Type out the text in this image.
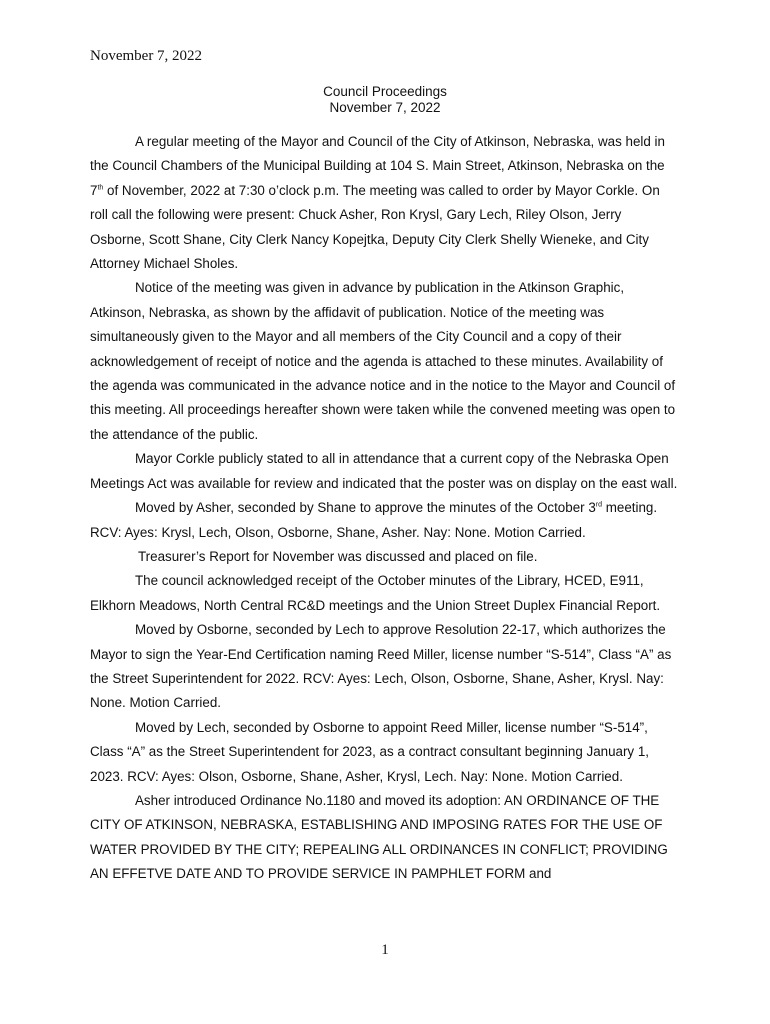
November 7, 2022
Council Proceedings
November 7, 2022

A regular meeting of the Mayor and Council of the City of Atkinson, Nebraska, was held in the Council Chambers of the Municipal Building at 104 S. Main Street, Atkinson, Nebraska on the 7th of November, 2022 at 7:30 o’clock p.m. The meeting was called to order by Mayor Corkle. On roll call the following were present: Chuck Asher, Ron Krysl, Gary Lech, Riley Olson, Jerry Osborne, Scott Shane, City Clerk Nancy Kopejtka, Deputy City Clerk Shelly Wieneke, and City Attorney Michael Sholes.

Notice of the meeting was given in advance by publication in the Atkinson Graphic, Atkinson, Nebraska, as shown by the affidavit of publication. Notice of the meeting was simultaneously given to the Mayor and all members of the City Council and a copy of their acknowledgement of receipt of notice and the agenda is attached to these minutes. Availability of the agenda was communicated in the advance notice and in the notice to the Mayor and Council of this meeting. All proceedings hereafter shown were taken while the convened meeting was open to the attendance of the public.

Mayor Corkle publicly stated to all in attendance that a current copy of the Nebraska Open Meetings Act was available for review and indicated that the poster was on display on the east wall.

Moved by Asher, seconded by Shane to approve the minutes of the October 3rd meeting. RCV: Ayes: Krysl, Lech, Olson, Osborne, Shane, Asher. Nay: None. Motion Carried.

Treasurer’s Report for November was discussed and placed on file.

The council acknowledged receipt of the October minutes of the Library, HCED, E911, Elkhorn Meadows, North Central RC&D meetings and the Union Street Duplex Financial Report.

Moved by Osborne, seconded by Lech to approve Resolution 22-17, which authorizes the Mayor to sign the Year-End Certification naming Reed Miller, license number “S-514”, Class “A” as the Street Superintendent for 2022. RCV: Ayes: Lech, Olson, Osborne, Shane, Asher, Krysl. Nay: None. Motion Carried.

Moved by Lech, seconded by Osborne to appoint Reed Miller, license number “S-514”, Class “A” as the Street Superintendent for 2023, as a contract consultant beginning January 1, 2023. RCV: Ayes: Olson, Osborne, Shane, Asher, Krysl, Lech. Nay: None. Motion Carried.

Asher introduced Ordinance No.1180 and moved its adoption: AN ORDINANCE OF THE CITY OF ATKINSON, NEBRASKA, ESTABLISHING AND IMPOSING RATES FOR THE USE OF WATER PROVIDED BY THE CITY; REPEALING ALL ORDINANCES IN CONFLICT; PROVIDING AN EFFETVE DATE AND TO PROVIDE SERVICE IN PAMPHLET FORM and

1
